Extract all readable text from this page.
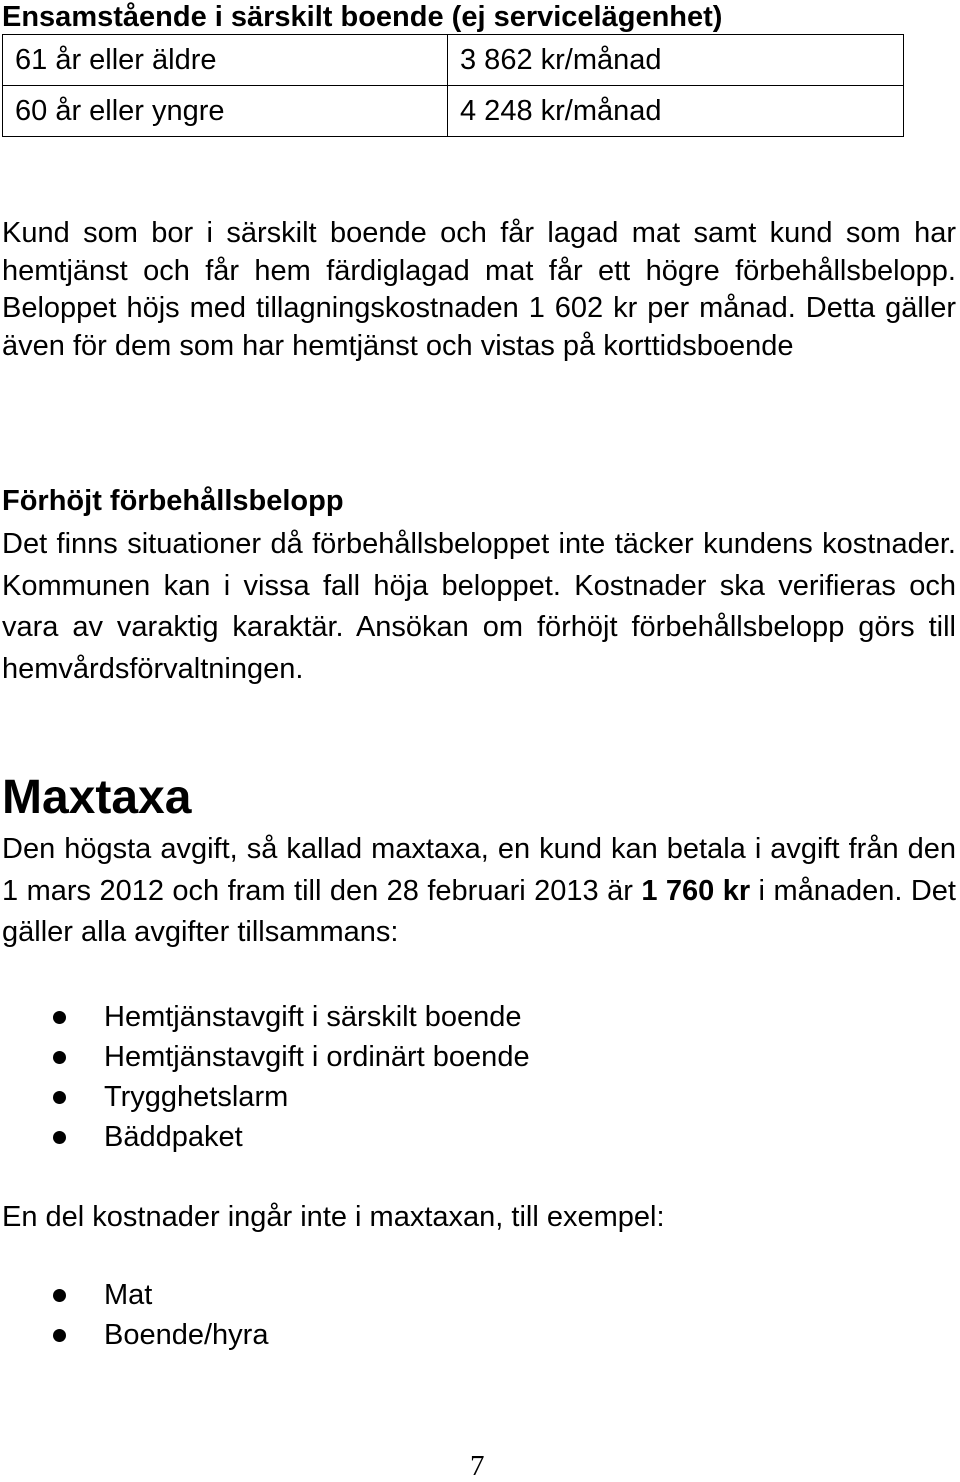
Ensamstående i särskilt boende (ej servicelägenhet)
61 år eller äldre	3 862 kr/månad
60 år eller yngre	4 248 kr/månad

Kund som bor i särskilt boende och får lagad mat samt kund som har hemtjänst och får hem färdiglagad mat får ett högre förbehållsbelopp. Beloppet höjs med tillagningskostnaden 1 602 kr per månad. Detta gäller även för dem som har hemtjänst och vistas på korttidsboende

Förhöjt förbehållsbelopp

Det finns situationer då förbehållsbeloppet inte täcker kundens kostnader. Kommunen kan i vissa fall höja beloppet. Kostnader ska verifieras och vara av varaktig karaktär. Ansökan om förhöjt förbehållsbelopp görs till hemvårdsförvaltningen.

Maxtaxa

Den högsta avgift, så kallad maxtaxa, en kund kan betala i avgift från den 1 mars 2012 och fram till den 28 februari 2013 är 1 760 kr i månaden. Det gäller alla avgifter tillsammans:

Hemtjänstavgift i särskilt boende
Hemtjänstavgift i ordinärt boende
Trygghetslarm
Bäddpaket
En del kostnader ingår inte i maxtaxan, till exempel:
Mat
Boende/hyra
7
